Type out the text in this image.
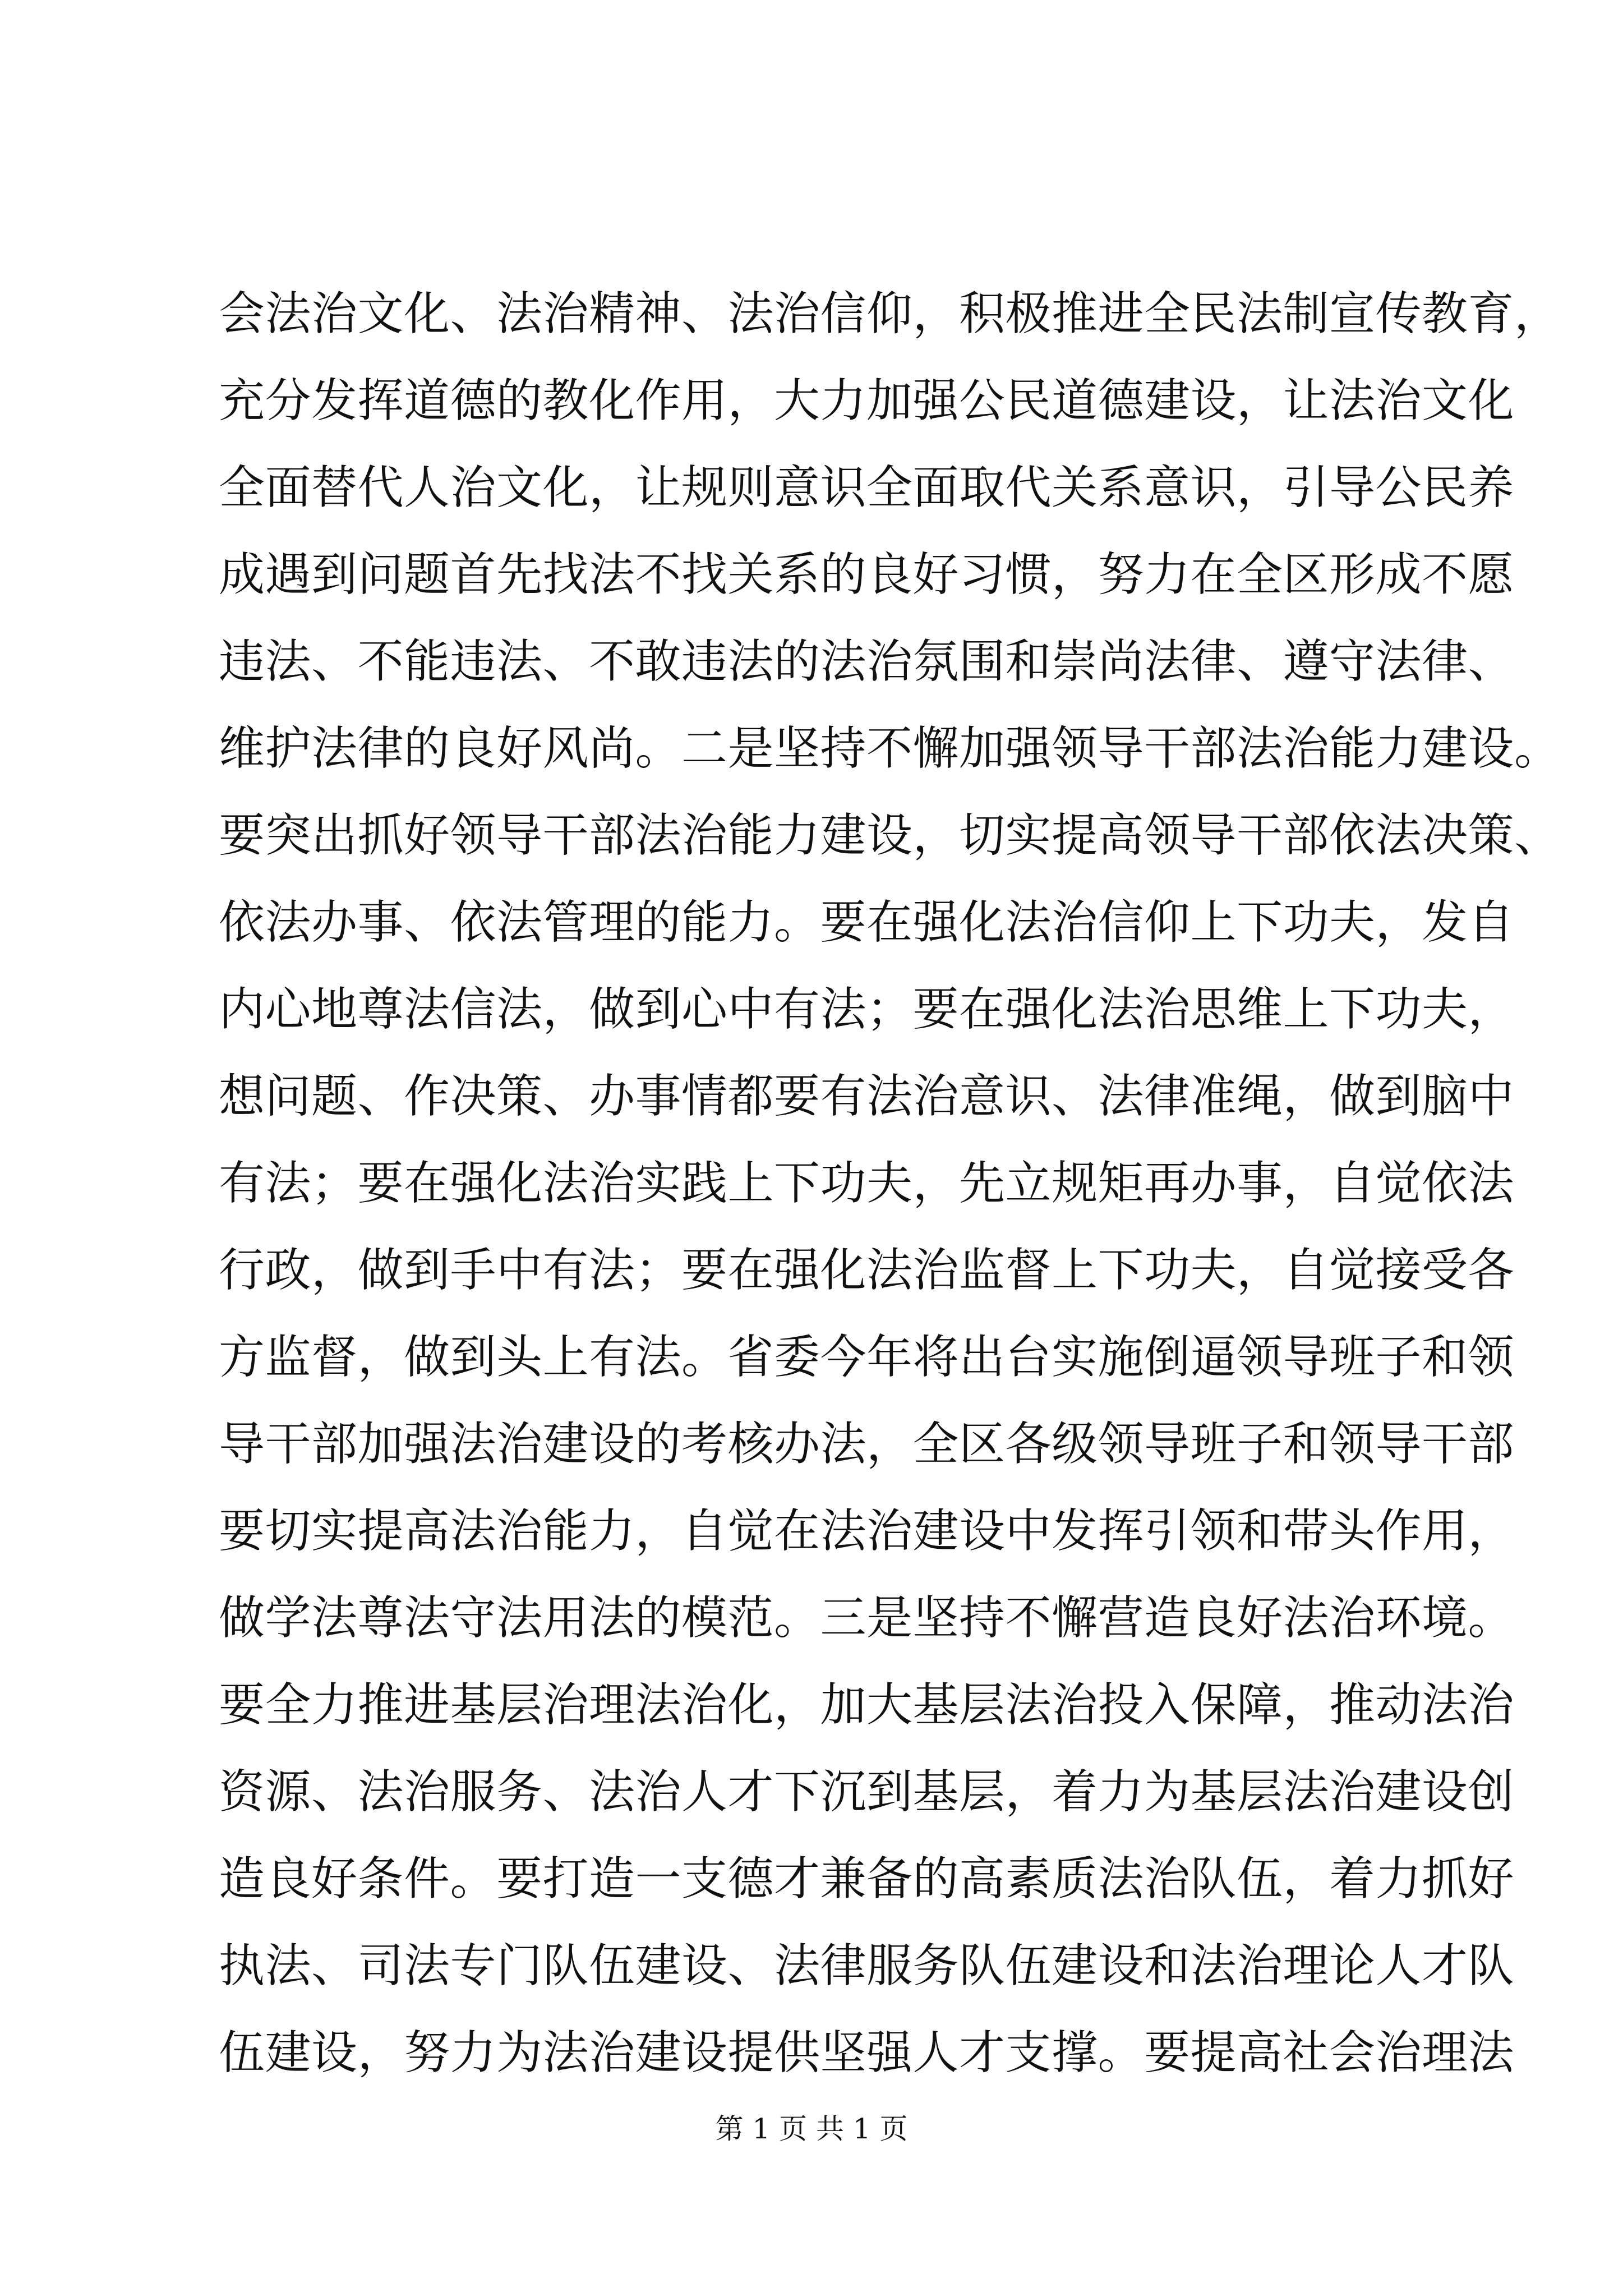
会法治文化、法治精神、法治信仰，积极推进全民法制宣传教育，
充分发挥道德的教化作用，大力加强公民道德建设，让法治文化
全面替代人治文化，让规则意识全面取代关系意识，引导公民养
成遇到问题首先找法不找关系的良好习惯，努力在全区形成不愿
违法、不能违法、不敢违法的法治氛围和崇尚法律、遵守法律、
维护法律的良好风尚。二是坚持不懈加强领导干部法治能力建设。
要突出抓好领导干部法治能力建设，切实提高领导干部依法决策、
依法办事、依法管理的能力。要在强化法治信仰上下功夫，发自
内心地尊法信法，做到心中有法；要在强化法治思维上下功夫，
想问题、作决策、办事情都要有法治意识、法律准绳，做到脑中
有法；要在强化法治实践上下功夫，先立规矩再办事，自觉依法
行政，做到手中有法；要在强化法治监督上下功夫，自觉接受各
方监督，做到头上有法。省委今年将出台实施倒逼领导班子和领
导干部加强法治建设的考核办法，全区各级领导班子和领导干部
要切实提高法治能力，自觉在法治建设中发挥引领和带头作用，
做学法尊法守法用法的模范。三是坚持不懈营造良好法治环境。
要全力推进基层治理法治化，加大基层法治投入保障，推动法治
资源、法治服务、法治人才下沉到基层，着力为基层法治建设创
造良好条件。要打造一支德才兼备的高素质法治队伍，着力抓好
执法、司法专门队伍建设、法律服务队伍建设和法治理论人才队
伍建设，努力为法治建设提供坚强人才支撑。要提高社会治理法
第 1 页 共 1 页
